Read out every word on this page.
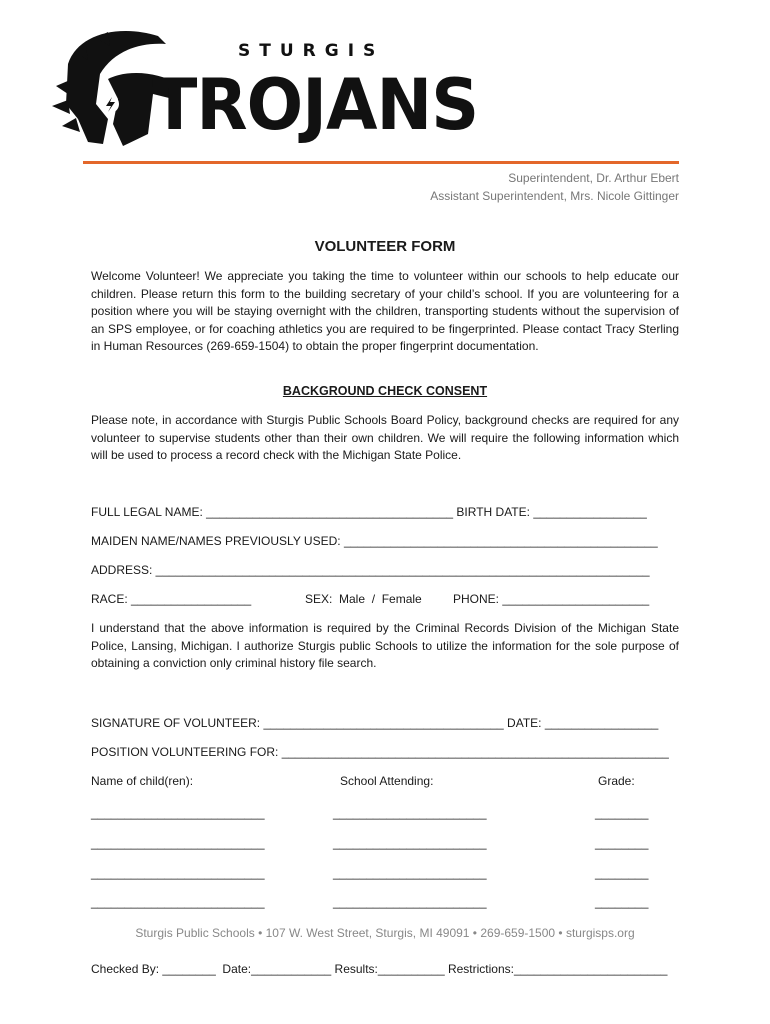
STURGIS
TROJANS
Superintendent, Dr. Arthur Ebert
Assistant Superintendent, Mrs. Nicole Gittinger
VOLUNTEER FORM
Welcome Volunteer! We appreciate you taking the time to volunteer within our schools to help educate our children. Please return this form to the building secretary of your child’s school. If you are volunteering for a position where you will be staying overnight with the children, transporting students without the supervision of an SPS employee, or for coaching athletics you are required to be fingerprinted. Please contact Tracy Sterling in Human Resources (269-659-1504) to obtain the proper fingerprint documentation.
BACKGROUND CHECK CONSENT
Please note, in accordance with Sturgis Public Schools Board Policy, background checks are required for any volunteer to supervise students other than their own children. We will require the following information which will be used to process a record check with the Michigan State Police.
FULL LEGAL NAME: _____________________________________ BIRTH DATE: _________________
MAIDEN NAME/NAMES PREVIOUSLY USED: _______________________________________________
ADDRESS: __________________________________________________________________________
RACE: __________________	SEX:  Male  /  Female	PHONE: ______________________
I understand that the above information is required by the Criminal Records Division of the Michigan State Police, Lansing, Michigan. I authorize Sturgis public Schools to utilize the information for the sole purpose of obtaining a conviction only criminal history file search.
SIGNATURE OF VOLUNTEER: ____________________________________ DATE: _________________
POSITION VOLUNTEERING FOR: __________________________________________________________
Name of child(ren):	School Attending:	Grade:
__________________________	_______________________	________
__________________________	_______________________	________
__________________________	_______________________	________
__________________________	_______________________	________
Sturgis Public Schools • 107 W. West Street, Sturgis, MI 49091 • 269-659-1500 • sturgisps.org
Checked By: ________  Date:____________ Results:__________ Restrictions:_______________________
